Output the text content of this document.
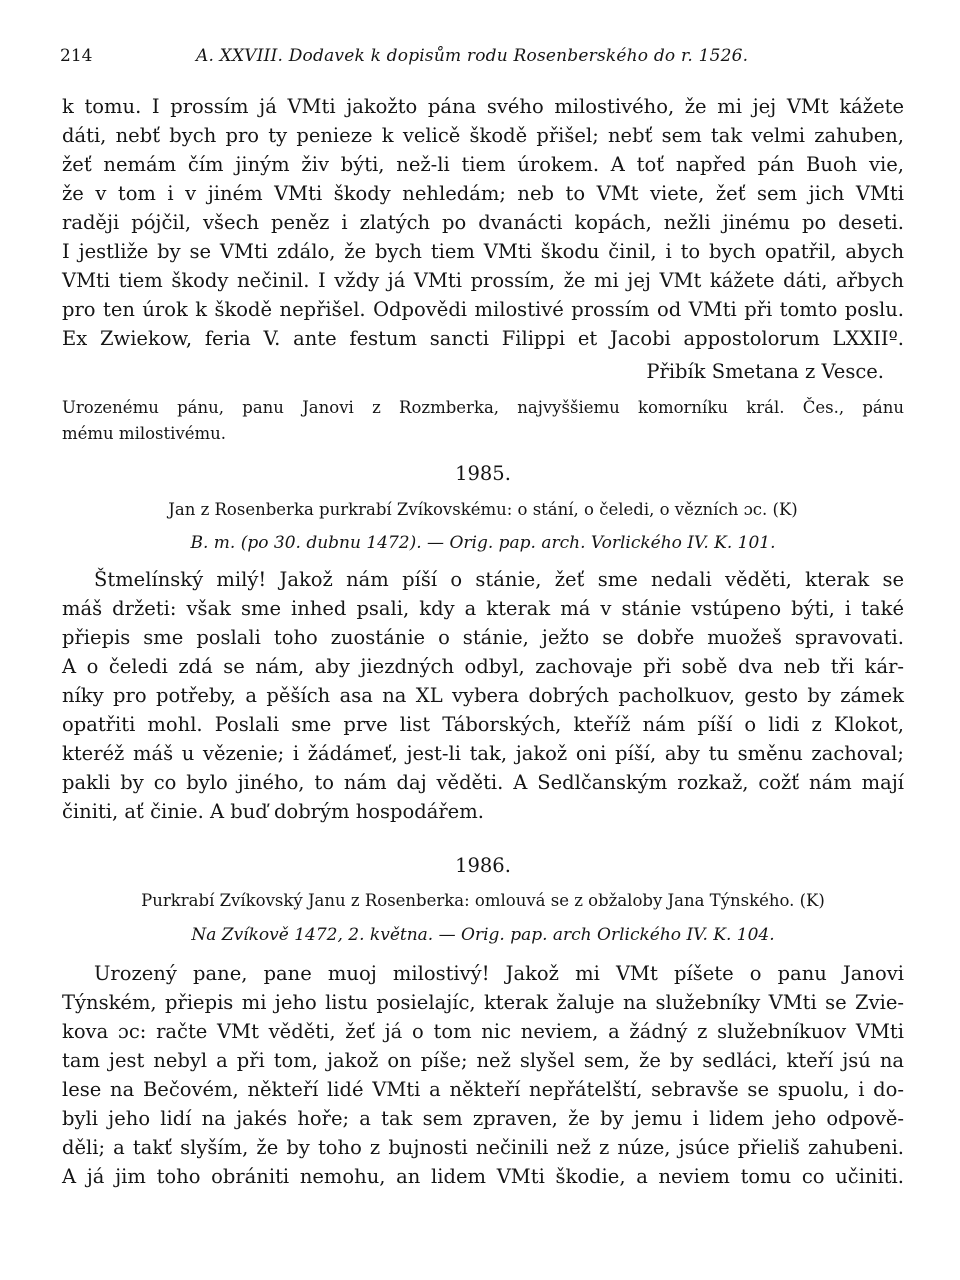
214	A. XXVIII. Dodavek k dopisům rodu Rosenberského do r. 1526.
k tomu. I prossím já VMti jakožto pána svého milostivého, že mi jej VMt kážete
dáti, nebť bych pro ty penieze k velicě škodě přišel; nebť sem tak velmi zahuben,
žeť nemám čím jiným živ býti, než-li tiem úrokem. A toť napřed pán Buoh vie,
že v tom i v jiném VMti škody nehledám; neb to VMt viete, žeť sem jich VMti
raději pójčil, všech peněz i zlatých po dvanácti kopách, nežli jinému po deseti.
I jestliže by se VMti zdálo, že bych tiem VMti škodu činil, i to bych opatřil, abych
VMti tiem škody nečinil. I vždy já VMti prossím, že mi jej VMt kážete dáti, ařbych
pro ten úrok k škodě nepřišel. Odpovědi milostivé prossím od VMti při tomto poslu.
Ex Zwiekow, feria V. ante festum sancti Filippi et Jacobi appostolorum LXXIIº.
Přibík Smetana z Vesce.
Urozenému pánu, panu Janovi z Rozmberka, najvyššiemu komorníku král. Čes., pánu
mému milostivému.
1985.
Jan z Rosenberka purkrabí Zvíkovskému: o stání, o čeledi, o vězních ɔc. (K)
B. m. (po 30. dubnu 1472). — Orig. pap. arch. Vorlického IV. K. 101.
Štmelínský milý! Jakož nám píší o stánie, žeť sme nedali věděti, kterak se
máš držeti: však sme inhed psali, kdy a kterak má v stánie vstúpeno býti, i také
přiepis sme poslali toho zuostánie o stánie, ježto se dobře muožeš spravovati.
A o čeledi zdá se nám, aby jiezdných odbyl, zachovaje při sobě dva neb tři kár-
níky pro potřeby, a pěších asa na XL vybera dobrých pacholkuov, gesto by zámek
opatřiti mohl. Poslali sme prve list Táborských, kteříž nám píší o lidi z Klokot,
kteréž máš u vězenie; i žádámeť, jest-li tak, jakož oni píší, aby tu směnu zachoval;
pakli by co bylo jiného, to nám daj věděti. A Sedlčanským rozkaž, cožť nám mají
činiti, ať činie. A buď dobrým hospodářem.
1986.
Purkrabí Zvíkovský Janu z Rosenberka: omlouvá se z obžaloby Jana Týnského. (K)
Na Zvíkově 1472, 2. května. — Orig. pap. arch Orlického IV. K. 104.
Urozený pane, pane muoj milostivý! Jakož mi VMt píšete o panu Janovi
Týnském, přiepis mi jeho listu posielajíc, kterak žaluje na služebníky VMti se Zvie-
kova ɔc: račte VMt věděti, žeť já o tom nic neviem, a žádný z služebníkuov VMti
tam jest nebyl a při tom, jakož on píše; než slyšel sem, že by sedláci, kteří jsú na
lese na Bečovém, někteří lidé VMti a někteří nepřátelští, sebravše se spuolu, i do-
byli jeho lidí na jakés hoře; a tak sem zpraven, že by jemu i lidem jeho odpově-
děli; a takť slyším, že by toho z bujnosti nečinili než z núze, jsúce přieliš zahubeni.
A já jim toho obrániti nemohu, an lidem VMti škodie, a neviem tomu co učiniti.
